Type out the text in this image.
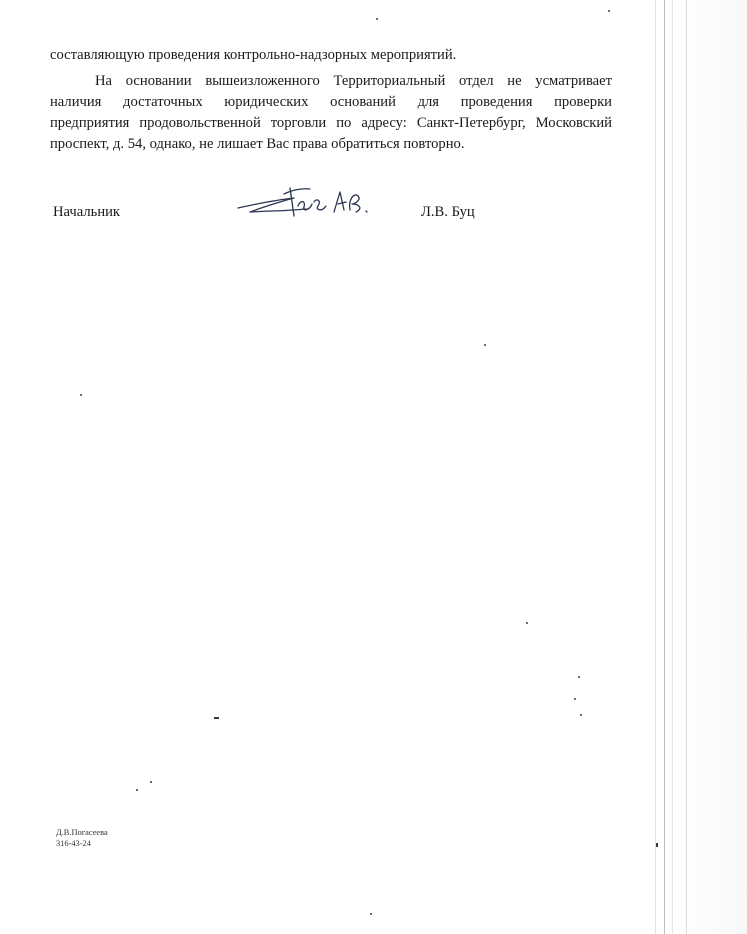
составляющую проведения контрольно-надзорных мероприятий.
На основании вышеизложенного Территориальный отдел не усматривает
наличия достаточных юридических оснований для проведения проверки
предприятия продовольственной торговли по адресу: Санкт-Петербург, Московский
проспект, д. 54, однако, не лишает Вас права обратиться повторно.
Начальник	Л.В. Буц
Д.В.Погасеева
316-43-24
